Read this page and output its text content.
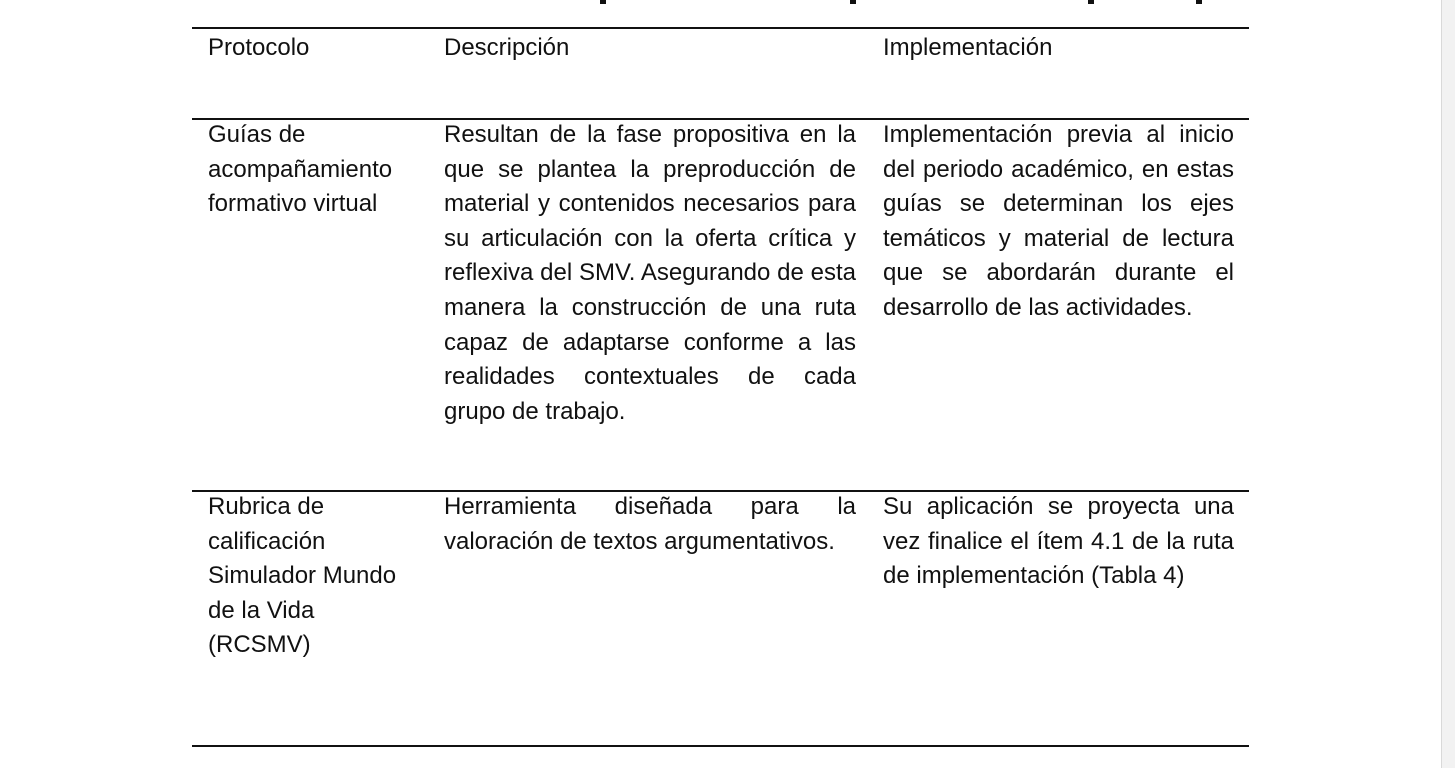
Protocolo	Descripción	Implementación

Guías de acompañamiento formativo virtual

Resultan de la fase propositiva en la que se plantea la preproducción de material y contenidos necesarios para su articulación con la oferta crítica y reflexiva del SMV. Asegurando de esta manera la construcción de una ruta capaz de adaptarse conforme a las realidades contextuales de cada grupo de trabajo.

Implementación previa al inicio del periodo académico, en estas guías se determinan los ejes temáticos y material de lectura que se abordarán durante el desarrollo de las actividades.

Rubrica de calificación Simulador Mundo de la Vida (RCSMV)

Herramienta diseñada para la valoración de textos argumentativos.

Su aplicación se proyecta una vez finalice el ítem 4.1 de la ruta de implementación (Tabla 4)
